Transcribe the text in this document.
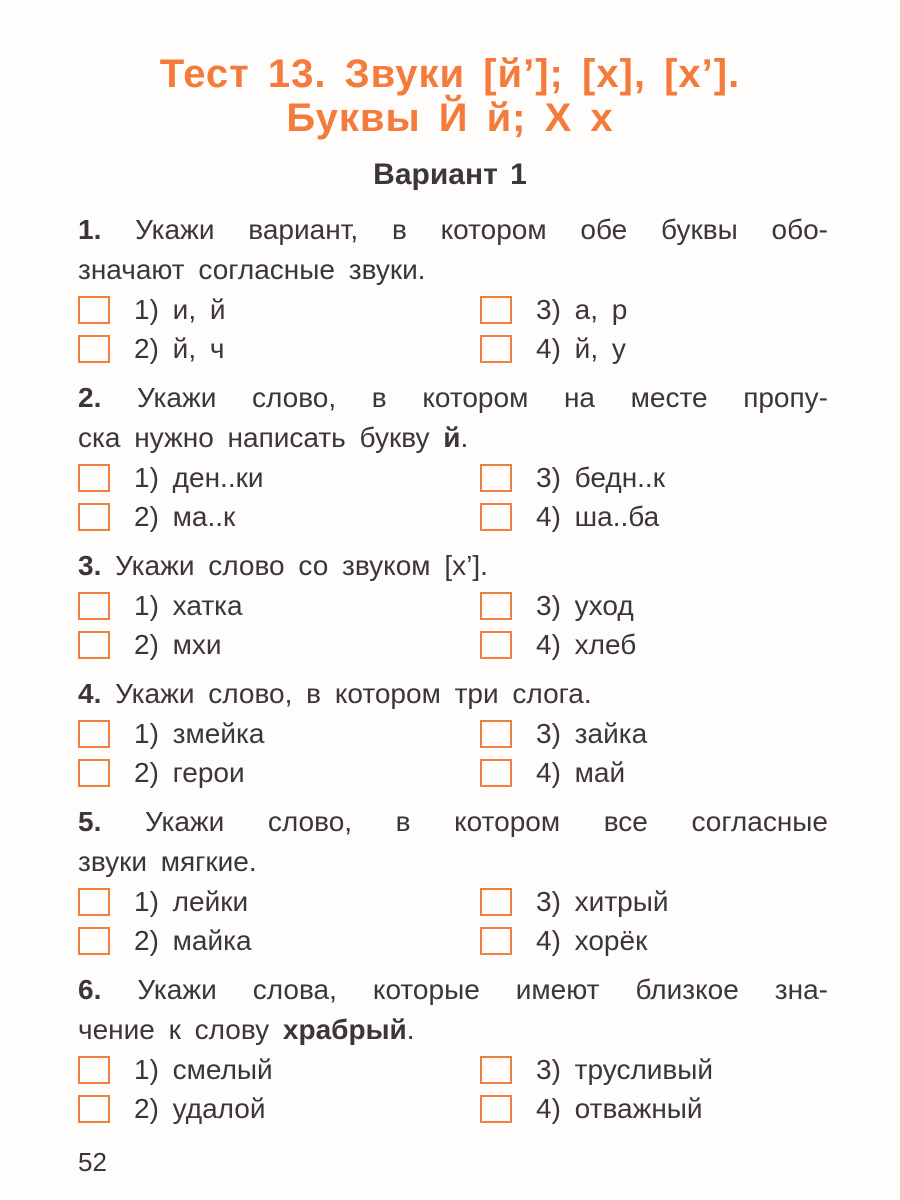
Тест 13. Звуки [й’]; [х], [х’].
Буквы Й й; Х х
Вариант 1
1. Укажи вариант, в котором обе буквы обо-
значают согласные звуки.
1) и, й	3) а, р
2) й, ч	4) й, у
2. Укажи слово, в котором на месте пропу-
ска нужно написать букву й.
1) ден..ки	3) бедн..к
2) ма..к	4) ша..ба
3. Укажи слово со звуком [х’].
1) хатка	3) уход
2) мхи	4) хлеб
4. Укажи слово, в котором три слога.
1) змейка	3) зайка
2) герои	4) май
5. Укажи слово, в котором все согласные
звуки мягкие.
1) лейки	3) хитрый
2) майка	4) хорёк
6. Укажи слова, которые имеют близкое зна-
чение к слову храбрый.
1) смелый	3) трусливый
2) удалой	4) отважный
52
